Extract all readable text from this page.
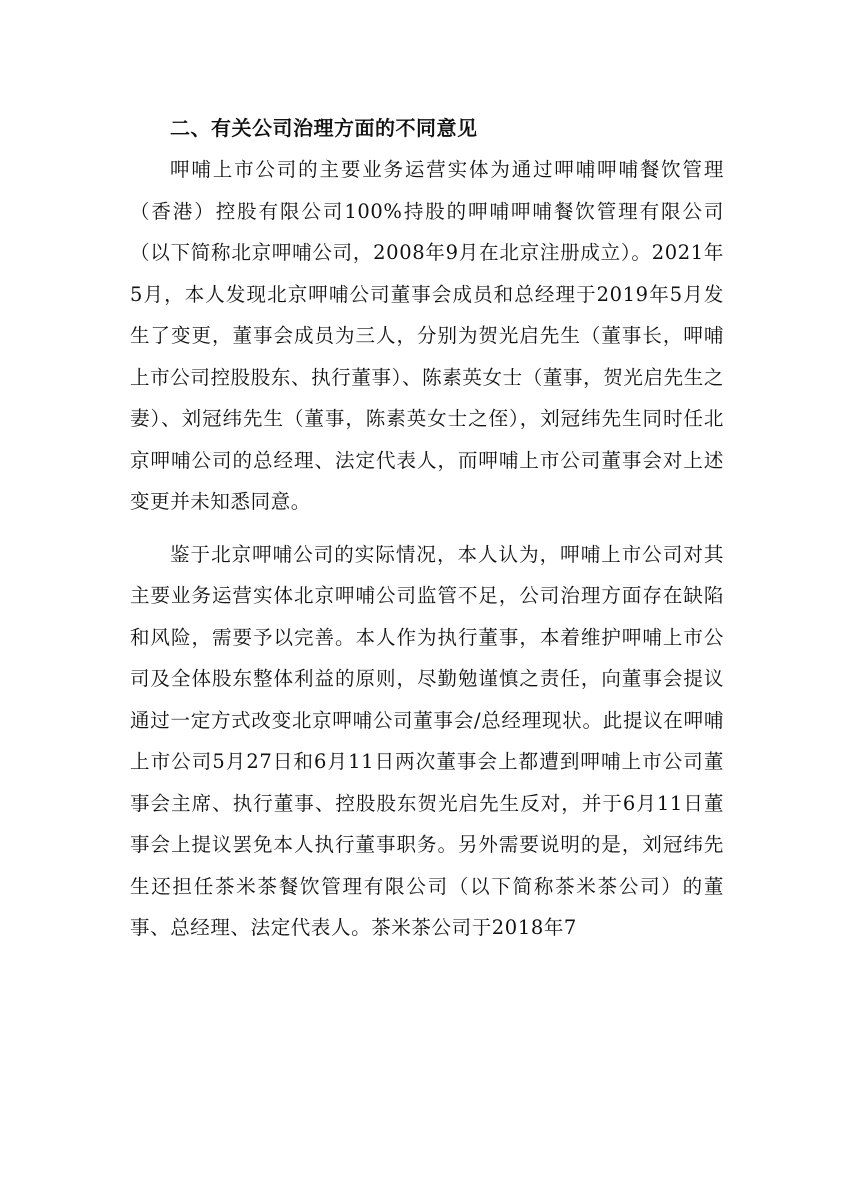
二、有关公司治理方面的不同意见

呷哺上市公司的主要业务运营实体为通过呷哺呷哺餐饮管理（香港）控股有限公司100%持股的呷哺呷哺餐饮管理有限公司（以下简称北京呷哺公司，2008年9月在北京注册成立）。2021年5月，本人发现北京呷哺公司董事会成员和总经理于2019年5月发生了变更，董事会成员为三人，分别为贺光启先生（董事长，呷哺上市公司控股股东、执行董事）、陈素英女士（董事，贺光启先生之妻）、刘冠纬先生（董事，陈素英女士之侄），刘冠纬先生同时任北京呷哺公司的总经理、法定代表人，而呷哺上市公司董事会对上述变更并未知悉同意。

鉴于北京呷哺公司的实际情况，本人认为，呷哺上市公司对其主要业务运营实体北京呷哺公司监管不足，公司治理方面存在缺陷和风险，需要予以完善。本人作为执行董事，本着维护呷哺上市公司及全体股东整体利益的原则，尽勤勉谨慎之责任，向董事会提议通过一定方式改变北京呷哺公司董事会/总经理现状。此提议在呷哺上市公司5月27日和6月11日两次董事会上都遭到呷哺上市公司董事会主席、执行董事、控股股东贺光启先生反对，并于6月11日董事会上提议罢免本人执行董事职务。另外需要说明的是，刘冠纬先生还担任茶米茶餐饮管理有限公司（以下简称茶米茶公司）的董事、总经理、法定代表人。茶米茶公司于2018年7
